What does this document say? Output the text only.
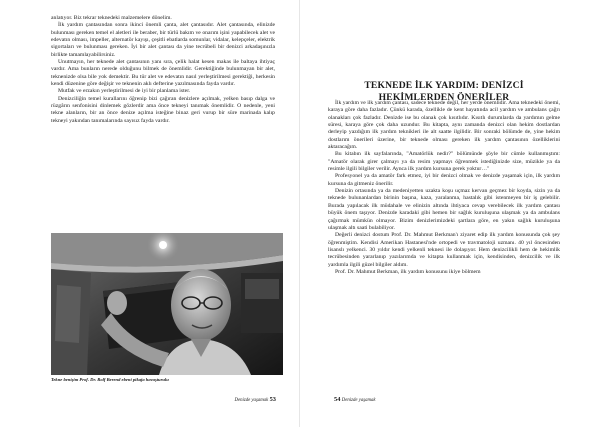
anlatıyor. Biz tekrar teknedeki malzemelere dönelim.

İlk yardım çantasından sonra ikinci önemli çanta, alet çantasıdır. Alet çantasında, elinizde bulunması gereken temel el aletleri ile beraber, bir türlü bakım ve onarım işini yapabilecek alet ve edevatın olması, impeller, alternatör kayışı, çeşitli ebatlarda somunlar, vidalar, kelepçeler, elektrik sigortaları ve bulunması gereken. İyi bir alet çantası da yine tecrübeli bir denizci arkadaşınızla birlikte tamamlayabilirsiniz.

Unutmayın, her teknede alet çantasının yanı sıra, çelik halat kesen makas ile baltaya ihtiyaç vardır. Ama bunların nerede olduğunu bilmek de önemlidir. Gerektiğinde bulunmayan bir alet, teknenizde olsa bile yok demektir. Bu tür alet ve edevatın nasıl yerleştirilmesi gerektiği, herkesin kendi düzenine göre değişir ve teknenin aklı defterine yazılmasında fayda vardır.

Mutfak ve erzakın yerleştirilmesi de iyi bir planlama ister.

Denizciliğin temel kurallarını öğrenip bizi çağıran denizlere açılmak, yelken basıp dalga ve rüzgârın senfonisini dinlemek gözlerdir ama önce tekneyi tanımak önemlidir. O nedenle, yeni tekne alanların, bir an önce denize açılma isteğine binaz geri vurup bir süre marinada kalıp tekneyi yakından tanımalarında sayısız fayda vardır.

Tekne benişim Prof. Dr. Rolf Berend ebeni pikaja havaşturulu
Denizde yaşamak 53
TEKNEDE İLK YARDIM: DENİZCİ
HEKİMLERDEN ÖNERİLER

İlk yardım ve ilk yardım çantası, sadece teknede değil, her yerde önemlidir. Ama teknedeki önemi, karaya göre daha fazladır. Çünkü karada, özellikle de kent hayatında acil yardım ve ambulans çağrı olanakları çok fazladır. Denizde ise bu olanak çok kısıtlıdır. Kısıtlı durumlarda da yardımın gelme süresi, karaya göre çok daha uzundur. Bu kitapta, aynı zamanda denizci olan hekim dostlardan derleyip yazdığım ilk yardım teknikleri ile alt saatte ilgilidir. Bir sonraki bölümde de, yine hekim dostlarım önerileri üzerine, bir teknede olması gereken ilk yardım çantasının özelliklerini aktaracağım.

Bu kitabın ilk sayfalarında, "Amatörlük nedir?" bölümünde şöyle bir cümle kullanmıştım: "Amatör olarak girer çalmayı ya da resim yapmayı öğrenmek istediğinizde size, müzikle ya da resimle ilgili bilgiler verilir. Aynca ilk yardım kursuna gerek yoktur…"

Profesyonel ya da amatör fark etmez, iyi bir denizci olmak ve denizde yaşamak için, ilk yardım kursuna da gitmeniz önerilir.

Denizin ortasında ya da medeniyetten uzakta koşu uçmaz kervan geçmez bir koyda, sizin ya da teknede bulunanlardan birinin başına, kaza, yaralanma, hastalık gibi istenmeyen bir iş gelebilir. Burada yapılacak ilk müdahale ve elinizin altında ihtiyaca cevap verebilecek ilk yardım çantası büyük önem taşıyor. Denizde karadaki gibi hemen bir sağlık kuruluşuna ulaşmak ya da ambulans çağırmak mümkün olmayor. Bizim denizlerimizdeki şartlara göre, en yakın sağlık kuruluşuna ulaşmak altı saati bulabiliyor.

Değerli denizci dostum Prof. Dr. Mahmut Berkman'ı ziyaret edip ilk yardım konusunda çok şey öğrenmiştim. Kendisi Amerikan Hastanesi'nde ortopedi ve travmatoloji uzmanı. 40 yıl öncesinden lisanslı yelkenci. 30 yıldır kendi yelkenli teknesi ile dolaşıyor. Hem denizcilikli hem de hekimlik tecrübesinden yararlanıp yazılarımda ve kitapta kullanmak için, kendisinden, denizcilik ve ilk yardımla ilgili güzel bilgiler aldım.

Prof. Dr. Mahmut Berkman, ilk yardım konusunu ikiye bölmem

54 Denizde yaşamak
